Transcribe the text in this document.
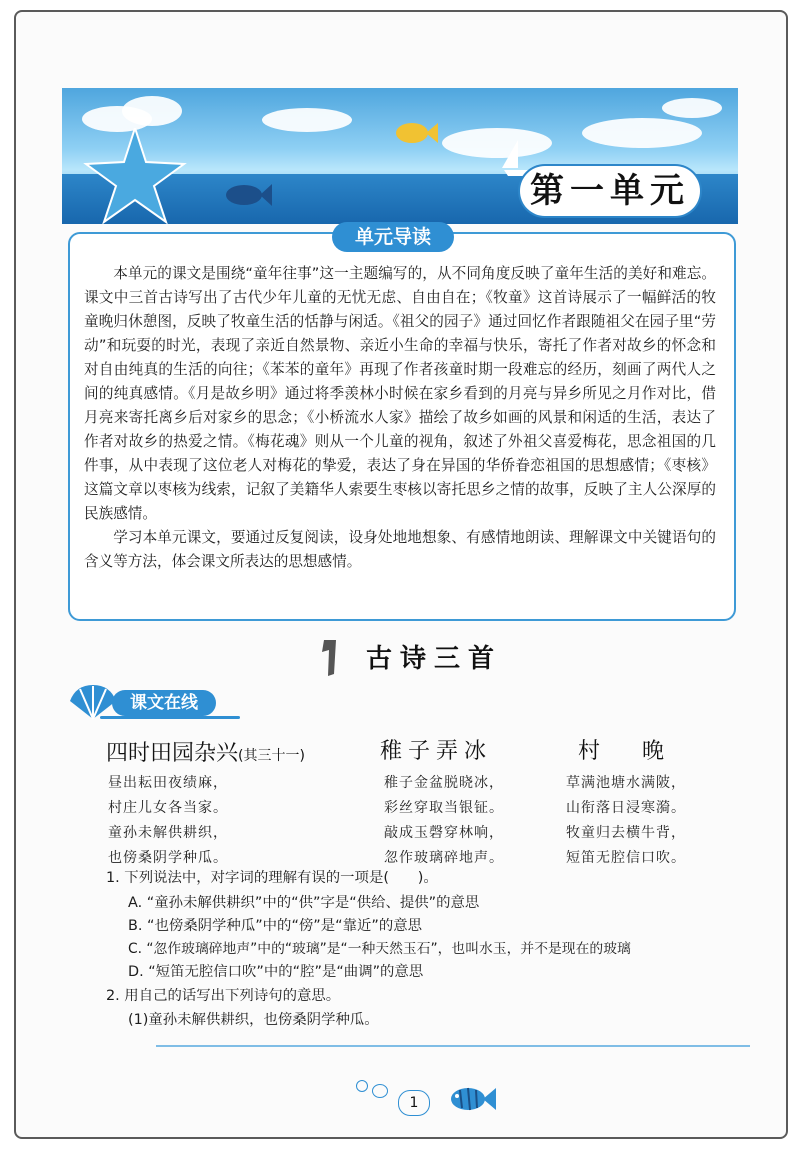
第一单元
单元导读

本单元的课文是围绕“童年往事”这一主题编写的，从不同角度反映了童年生活的美好和难忘。课文中三首古诗写出了古代少年儿童的无忧无虑、自由自在；《牧童》这首诗展示了一幅鲜活的牧童晚归休憩图，反映了牧童生活的恬静与闲适。《祖父的园子》通过回忆作者跟随祖父在园子里“劳动”和玩耍的时光，表现了亲近自然景物、亲近小生命的幸福与快乐，寄托了作者对故乡的怀念和对自由纯真的生活的向往；《苯苯的童年》再现了作者孩童时期一段难忘的经历，刻画了两代人之间的纯真感情。《月是故乡明》通过将季羡林小时候在家乡看到的月亮与异乡所见之月作对比，借月亮来寄托离乡后对家乡的思念；《小桥流水人家》描绘了故乡如画的风景和闲适的生活，表达了作者对故乡的热爱之情。《梅花魂》则从一个儿童的视角，叙述了外祖父喜爱梅花，思念祖国的几件事，从中表现了这位老人对梅花的挚爱，表达了身在异国的华侨眷恋祖国的思想感情；《枣核》这篇文章以枣核为线索，记叙了美籍华人索要生枣核以寄托思乡之情的故事，反映了主人公深厚的民族感情。

学习本单元课文，要通过反复阅读，设身处地地想象、有感情地朗读、理解课文中关键语句的含义等方法，体会课文所表达的思想感情。

古诗三首
课文在线
四时田园杂兴(其三十一)
昼出耘田夜绩麻，
村庄儿女各当家。
童孙未解供耕织，
也傍桑阴学种瓜。
稚子弄冰
稚子金盆脱晓冰，
彩丝穿取当银钲。
敲成玉磬穿林响，
忽作玻璃碎地声。
村　晚
草满池塘水满陂，
山衔落日浸寒漪。
牧童归去横牛背，
短笛无腔信口吹。
1. 下列说法中，对字词的理解有误的一项是(　　)。
A. “童孙未解供耕织”中的“供”字是“供给、提供”的意思
B. “也傍桑阴学种瓜”中的“傍”是“靠近”的意思
C. “忽作玻璃碎地声”中的“玻璃”是“一种天然玉石”，也叫水玉，并不是现在的玻璃
D. “短笛无腔信口吹”中的“腔”是“曲调”的意思
2. 用自己的话写出下列诗句的意思。
(1)童孙未解供耕织，也傍桑阴学种瓜。
1
